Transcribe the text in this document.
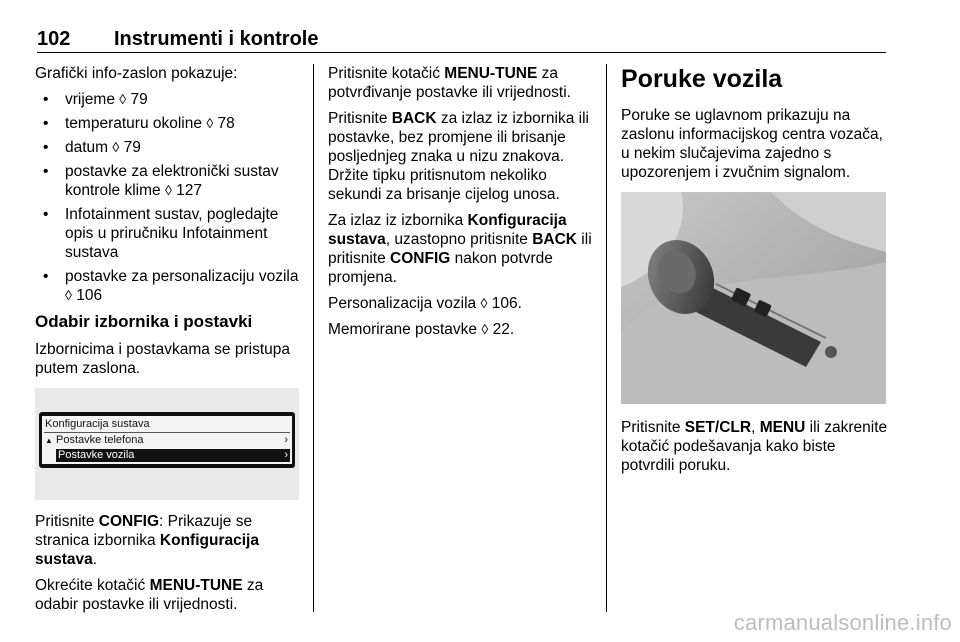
102 Instrumenti i kontrole

Grafički info-zaslon pokazuje:

• vrijeme ◊ 79
• temperaturu okoline ◊ 78
• datum ◊ 79
• postavke za elektronički sustav kontrole klime ◊ 127
• Infotainment sustav, pogledajte opis u priručniku Infotainment sustava
• postavke za personalizaciju vozila ◊ 106
Odabir izbornika i postavki

Izbornicima i postavkama se pristupa putem zaslona.

Konfiguracija sustava
▲ Postavke telefona	›
Postavke vozila	›

Pritisnite CONFIG: Prikazuje se stranica izbornika Konfiguracija sustava.

Okrećite kotačić MENU-TUNE za odabir postavke ili vrijednosti.

Pritisnite kotačić MENU-TUNE za potvrđivanje postavke ili vrijednosti.

Pritisnite BACK za izlaz iz izbornika ili postavke, bez promjene ili brisanje posljednjeg znaka u nizu znakova. Držite tipku pritisnutom nekoliko sekundi za brisanje cijelog unosa.

Za izlaz iz izbornika Konfiguracija sustava, uzastopno pritisnite BACK ili pritisnite CONFIG nakon potvrde promjena.

Personalizacija vozila ◊ 106.

Memorirane postavke ◊ 22.

Poruke vozila

Poruke se uglavnom prikazuju na zaslonu informacijskog centra vozača, u nekim slučajevima zajedno s upozorenjem i zvučnim signalom.

Pritisnite SET/CLR, MENU ili zakrenite kotačić podešavanja kako biste potvrdili poruku.

carmanualsonline.info
